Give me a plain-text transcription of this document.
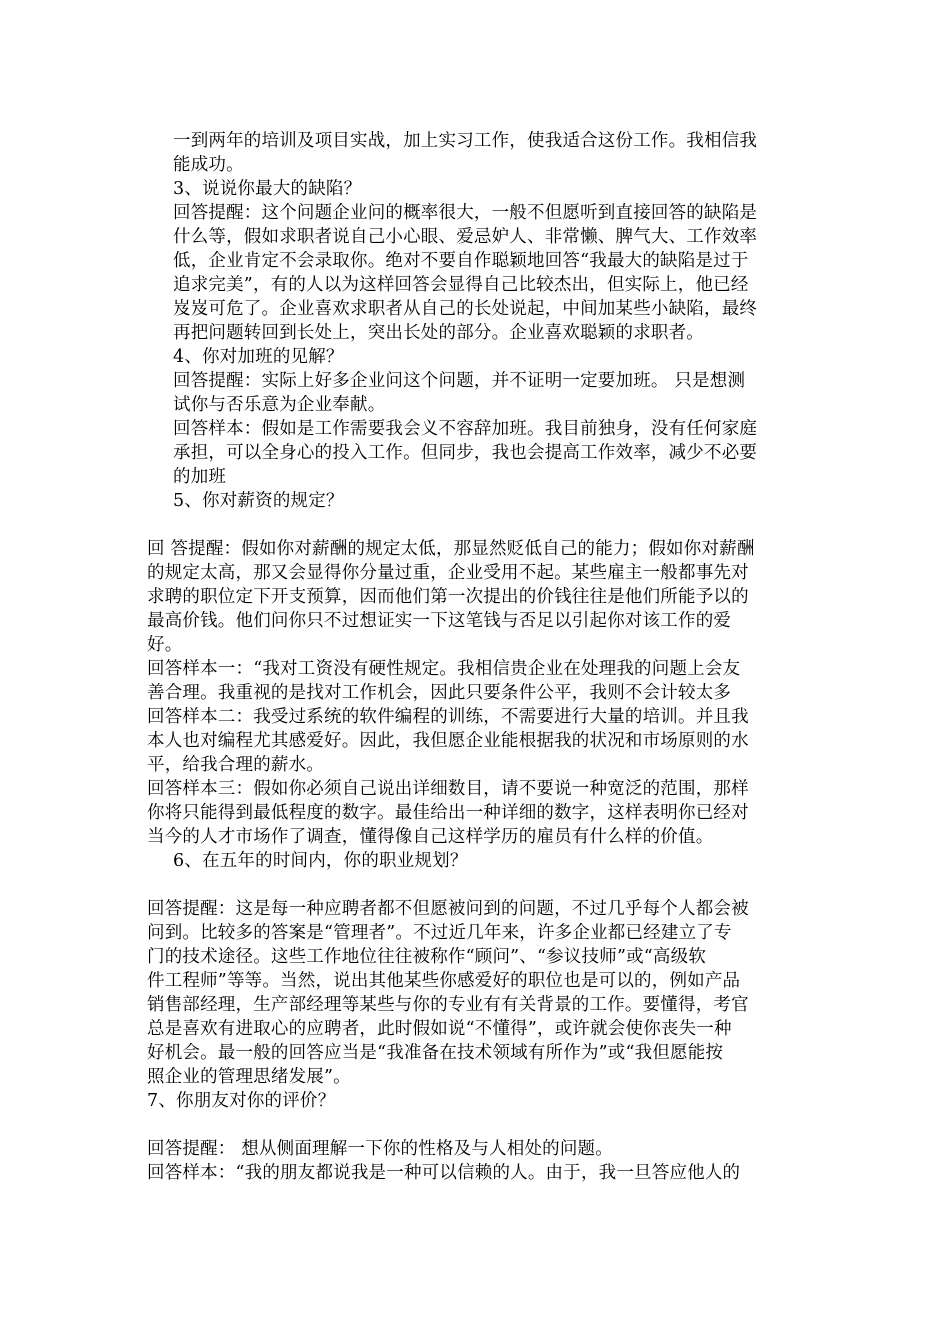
一到两年的培训及项目实战，加上实习工作，使我适合这份工作。我相信我
能成功。
3、说说你最大的缺陷？
回答提醒：这个问题企业问的概率很大，一般不但愿听到直接回答的缺陷是
什么等，假如求职者说自己小心眼、爱忌妒人、非常懒、脾气大、工作效率
低，企业肯定不会录取你。绝对不要自作聪颖地回答“我最大的缺陷是过于
追求完美”，有的人以为这样回答会显得自己比较杰出，但实际上，他已经
岌岌可危了。企业喜欢求职者从自己的长处说起，中间加某些小缺陷，最终
再把问题转回到长处上，突出长处的部分。企业喜欢聪颖的求职者。
4、你对加班的见解？
回答提醒：实际上好多企业问这个问题，并不证明一定要加班。 只是想测
试你与否乐意为企业奉献。
回答样本：假如是工作需要我会义不容辞加班。我目前独身，没有任何家庭
承担，可以全身心的投入工作。但同步，我也会提高工作效率，减少不必要
的加班
5、你对薪资的规定？
回 答提醒：假如你对薪酬的规定太低，那显然贬低自己的能力；假如你对薪酬
的规定太高，那又会显得你分量过重，企业受用不起。某些雇主一般都事先对
求聘的职位定下开支预算，因而他们第一次提出的价钱往往是他们所能予以的
最高价钱。他们问你只不过想证实一下这笔钱与否足以引起你对该工作的爱
好。
回答样本一：“我对工资没有硬性规定。我相信贵企业在处理我的问题上会友
善合理。我重视的是找对工作机会，因此只要条件公平，我则不会计较太多
回答样本二：我受过系统的软件编程的训练，不需要进行大量的培训。并且我
本人也对编程尤其感爱好。因此，我但愿企业能根据我的状况和市场原则的水
平，给我合理的薪水。
回答样本三：假如你必须自己说出详细数目，请不要说一种宽泛的范围，那样
你将只能得到最低程度的数字。最佳给出一种详细的数字，这样表明你已经对
当今的人才市场作了调查，懂得像自己这样学历的雇员有什么样的价值。
6、在五年的时间内，你的职业规划？
回答提醒：这是每一种应聘者都不但愿被问到的问题，不过几乎每个人都会被
问到。比较多的答案是“管理者”。不过近几年来，许多企业都已经建立了专
门的技术途径。这些工作地位往往被称作“顾问”、“参议技师”或“高级软
件工程师”等等。当然，说出其他某些你感爱好的职位也是可以的，例如产品
销售部经理，生产部经理等某些与你的专业有有关背景的工作。要懂得，考官
总是喜欢有进取心的应聘者，此时假如说“不懂得”，或许就会使你丧失一种
好机会。最一般的回答应当是“我准备在技术领域有所作为”或“我但愿能按
照企业的管理思绪发展”。
7、你朋友对你的评价？
回答提醒： 想从侧面理解一下你的性格及与人相处的问题。
回答样本：“我的朋友都说我是一种可以信赖的人。由于，我一旦答应他人的
